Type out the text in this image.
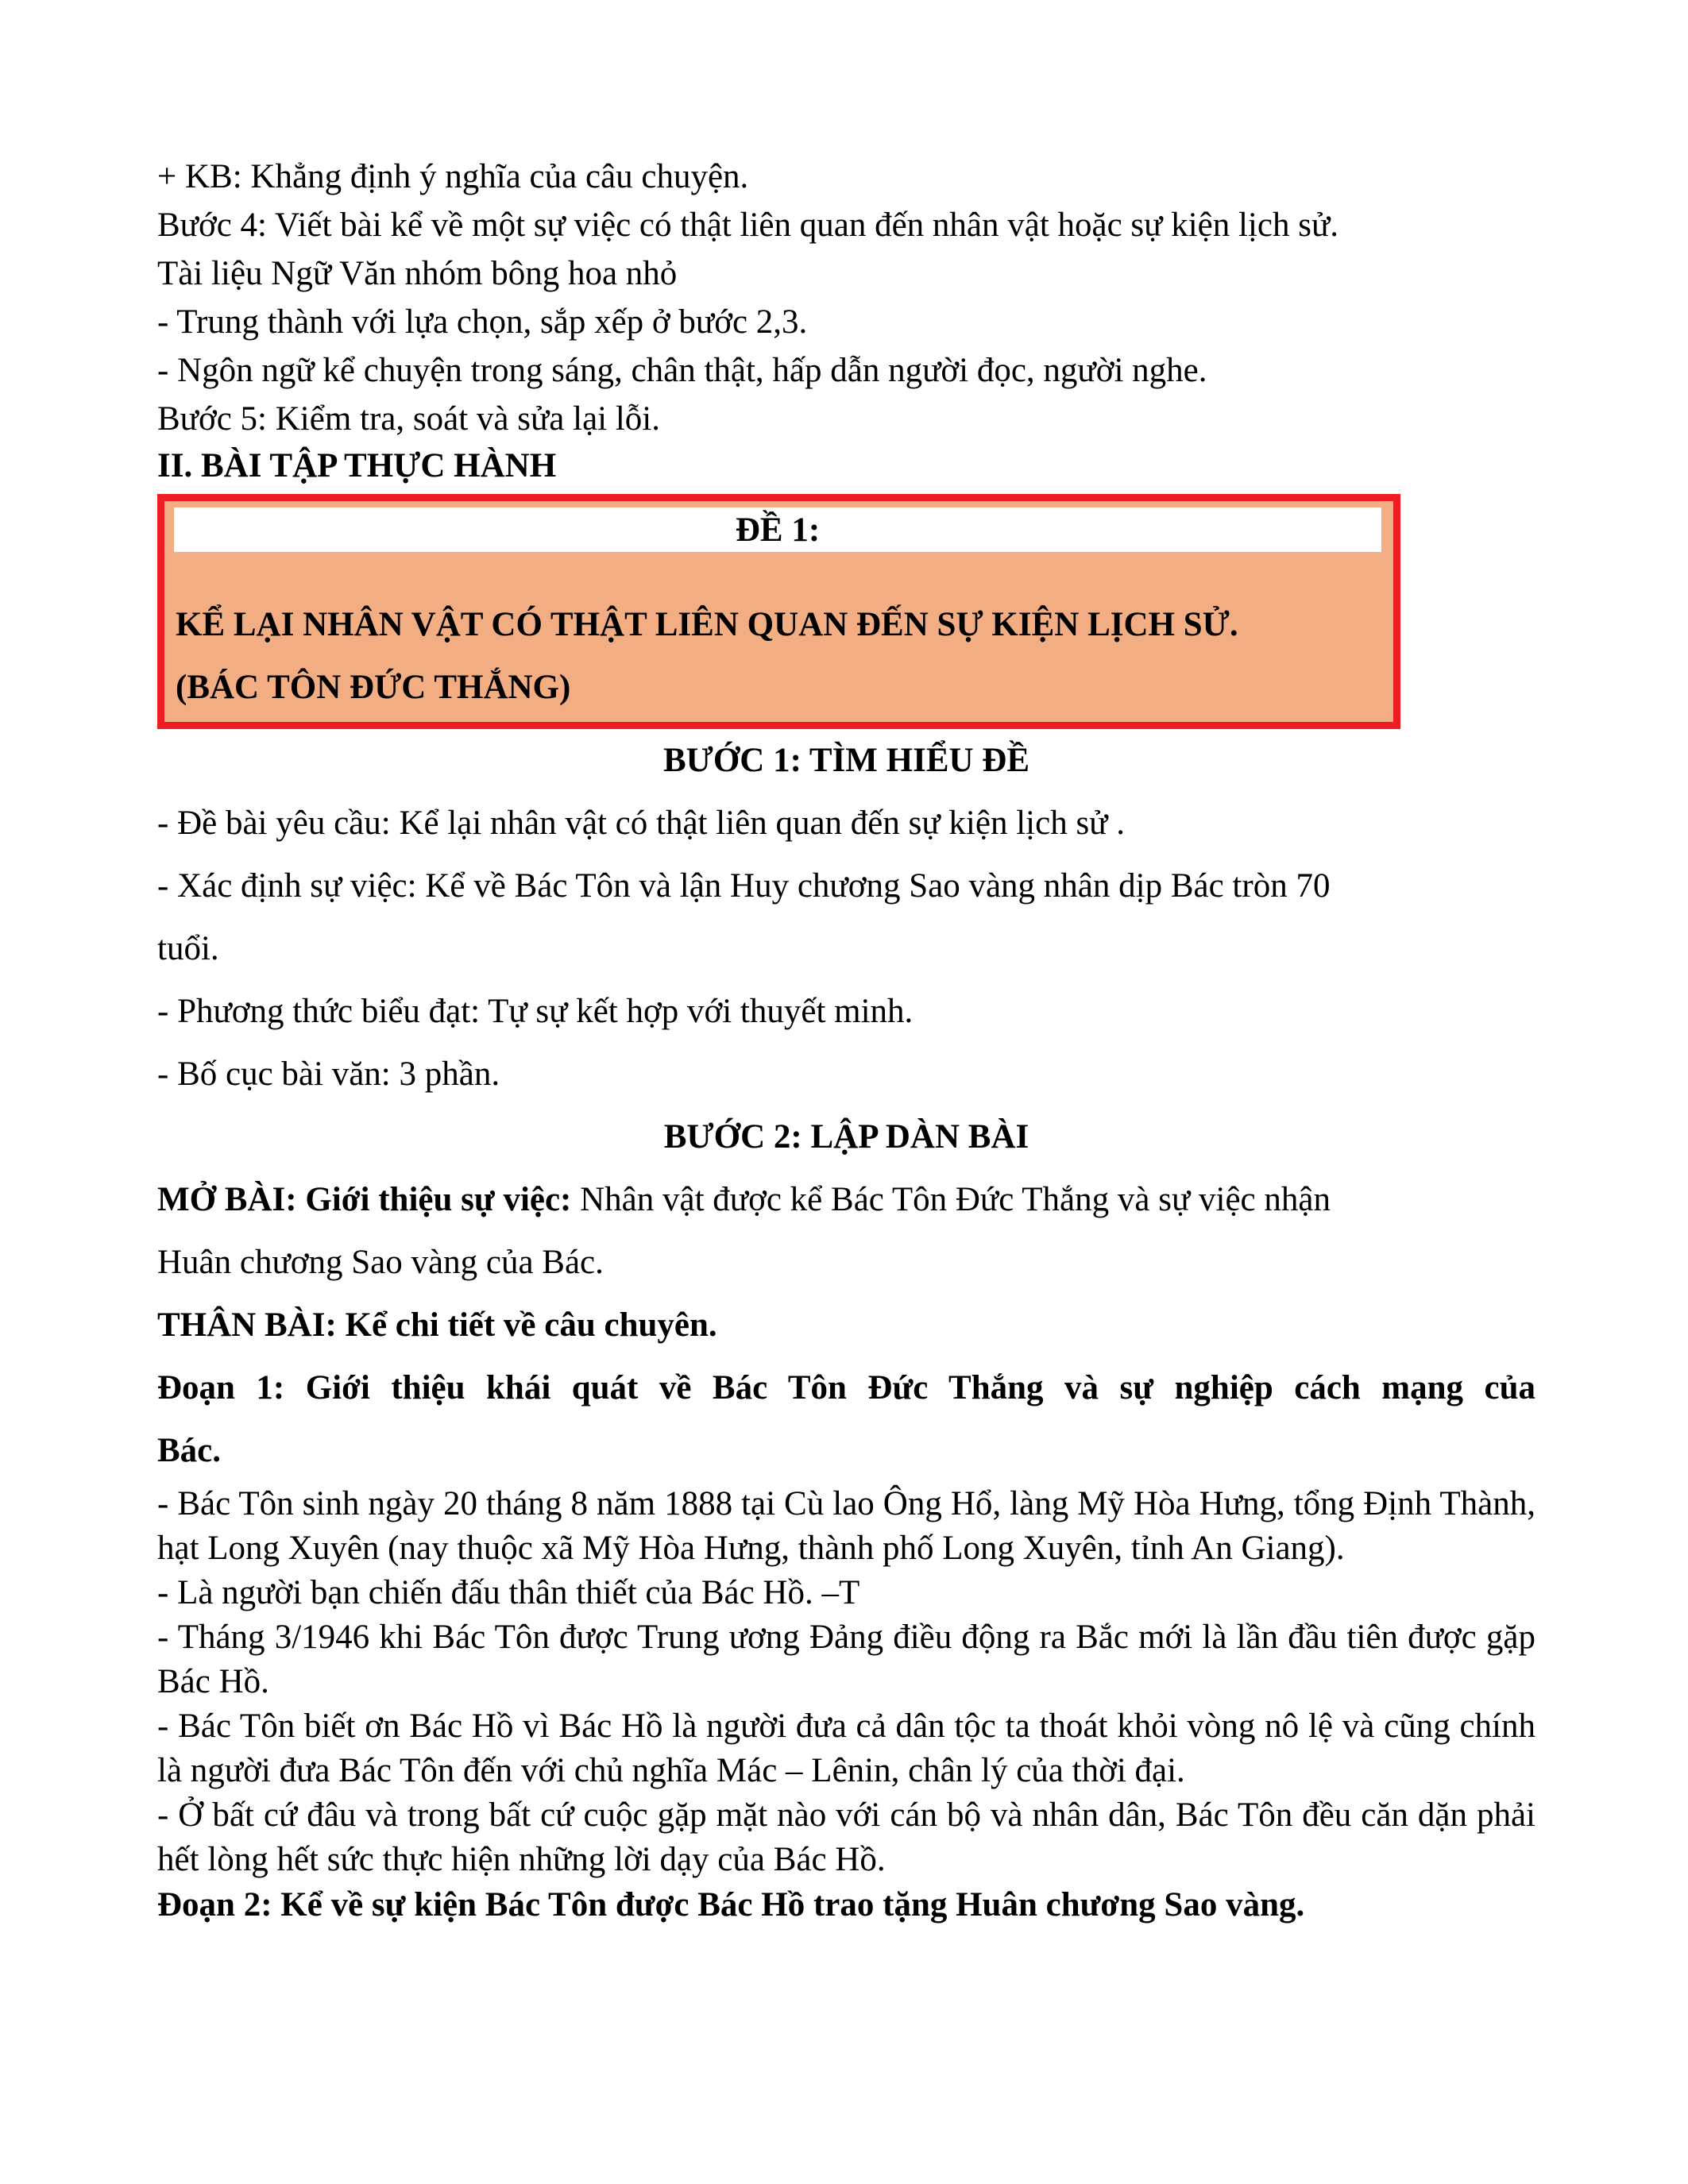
+ KB: Khẳng định ý nghĩa của câu chuyện.
Bước 4: Viết bài kể về một sự việc có thật liên quan đến nhân vật hoặc sự kiện lịch sử.
Tài liệu Ngữ Văn nhóm bông hoa nhỏ
- Trung thành với lựa chọn, sắp xếp ở bước 2,3.
- Ngôn ngữ kể chuyện trong sáng, chân thật, hấp dẫn người đọc, người nghe.
Bước 5: Kiểm tra, soát và sửa lại lỗi.
II. BÀI TẬP THỰC HÀNH
ĐỀ 1:
KỂ LẠI NHÂN VẬT CÓ THẬT LIÊN QUAN ĐẾN SỰ KIỆN LỊCH SỬ.
(BÁC TÔN ĐỨC THẮNG)
BƯỚC 1: TÌM HIỂU ĐỀ
- Đề bài yêu cầu: Kể lại nhân vật có thật liên quan đến sự kiện lịch sử .
- Xác định sự việc: Kể về Bác Tôn và lận Huy chương Sao vàng nhân dịp Bác tròn 70
tuổi.
- Phương thức biểu đạt: Tự sự kết hợp với thuyết minh.
- Bố cục bài văn: 3 phần.
BƯỚC 2: LẬP DÀN BÀI
MỞ BÀI: Giới thiệu sự việc: Nhân vật được kể Bác Tôn Đức Thắng và sự việc nhận
Huân chương Sao vàng của Bác.
THÂN BÀI: Kể chi tiết về câu chuyên.
Đoạn 1: Giới thiệu khái quát về Bác Tôn Đức Thắng và sự nghiệp cách mạng của
Bác.
- Bác Tôn sinh ngày 20 tháng 8 năm 1888 tại Cù lao Ông Hổ, làng Mỹ Hòa Hưng, tổng Định Thành, hạt Long Xuyên (nay thuộc xã Mỹ Hòa Hưng, thành phố Long Xuyên, tỉnh An Giang).
- Là người bạn chiến đấu thân thiết của Bác Hồ. –T
- Tháng 3/1946 khi Bác Tôn được Trung ương Đảng điều động ra Bắc mới là lần đầu tiên được gặp Bác Hồ.
- Bác Tôn biết ơn Bác Hồ vì Bác Hồ là người đưa cả dân tộc ta thoát khỏi vòng nô lệ và cũng chính là người đưa Bác Tôn đến với chủ nghĩa Mác – Lênin, chân lý của thời đại.
- Ở bất cứ đâu và trong bất cứ cuộc gặp mặt nào với cán bộ và nhân dân, Bác Tôn đều căn dặn phải hết lòng hết sức thực hiện những lời dạy của Bác Hồ.
Đoạn 2: Kể về sự kiện Bác Tôn được Bác Hồ trao tặng Huân chương Sao vàng.
